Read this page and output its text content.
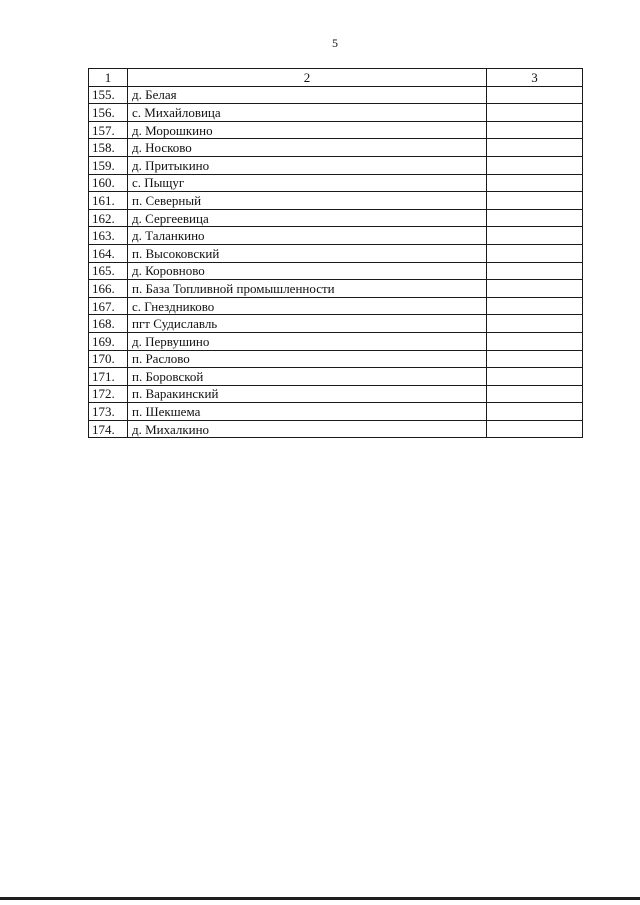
5
1	2	3
155.	д. Белая	
156.	с. Михайловица	
157.	д. Морошкино	
158.	д. Носково	
159.	д. Притыкино	
160.	с. Пыщуг	
161.	п. Северный	
162.	д. Сергеевица	
163.	д. Таланкино	
164.	п. Высоковский	
165.	д. Коровново	
166.	п. База Топливной промышленности	
167.	с. Гнездниково	
168.	пгт Судиславль	
169.	д. Первушино	
170.	п. Раслово	
171.	п. Боровской	
172.	п. Варакинский	
173.	п. Шекшема	
174.	д. Михалкино	
